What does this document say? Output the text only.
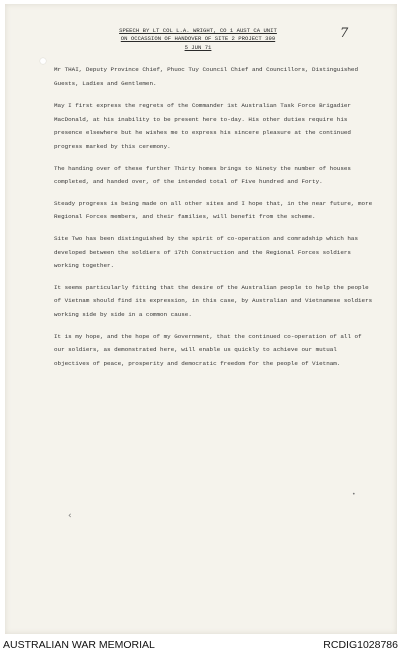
7
SPEECH BY LT COL L.A. WRIGHT, CO 1 AUST CA UNIT
ON OCCASSION OF HANDOVER OF SITE 2 PROJECT 399
5 JUN 71

Mr THAI, Deputy Province Chief, Phuoc Tuy Council Chief and Councillors, Distinguished Guests, Ladies and Gentlemen.

May I first express the regrets of the Commander 1st Australian Task Force Brigadier MacDonald, at his inability to be present here to-day. His other duties require his presence elsewhere but he wishes me to express his sincere pleasure at the continued progress marked by this ceremony.

The handing over of these further Thirty homes brings to Ninety the number of houses completed, and handed over, of the intended total of Five hundred and Forty.

Steady progress is being made on all other sites and I hope that, in the near future, more Regional Forces members, and their families, will benefit from the scheme.

Site Two has been distinguished by the spirit of co-operation and comradship which has developed between the soldiers of 17th Construction and the Regional Forces soldiers working together.

It seems particularly fitting that the desire of the Australian people to help the people of Vietnam should find its expression, in this case, by Australian and Vietnamese soldiers working side by side in a common cause.

It is my hope, and the hope of my Government, that the continued co-operation of all of our soldiers, as demonstrated here, will enable us quickly to achieve our mutual objectives of peace, prosperity and democratic freedom for the people of Vietnam.

‹
•
AUSTRALIAN WAR MEMORIAL	RCDIG1028786
